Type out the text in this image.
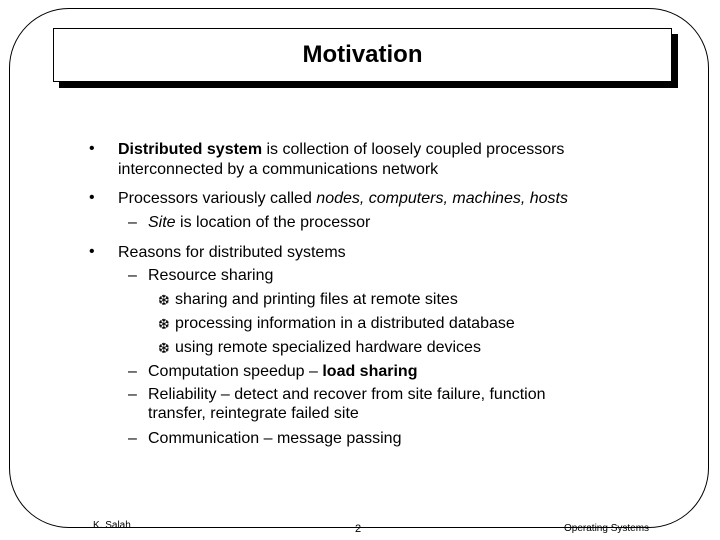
Motivation
• Distributed system is collection of loosely coupled processors
interconnected by a communications network
• Processors variously called nodes, computers, machines, hosts
– Site is location of the processor
• Reasons for distributed systems
– Resource sharing
❆ sharing and printing files at remote sites
❆ processing information in a distributed database
❆ using remote specialized hardware devices
– Computation speedup – load sharing
– Reliability – detect and recover from site failure, function
transfer, reintegrate failed site
– Communication – message passing
K. Salah	2	Operating Systems
